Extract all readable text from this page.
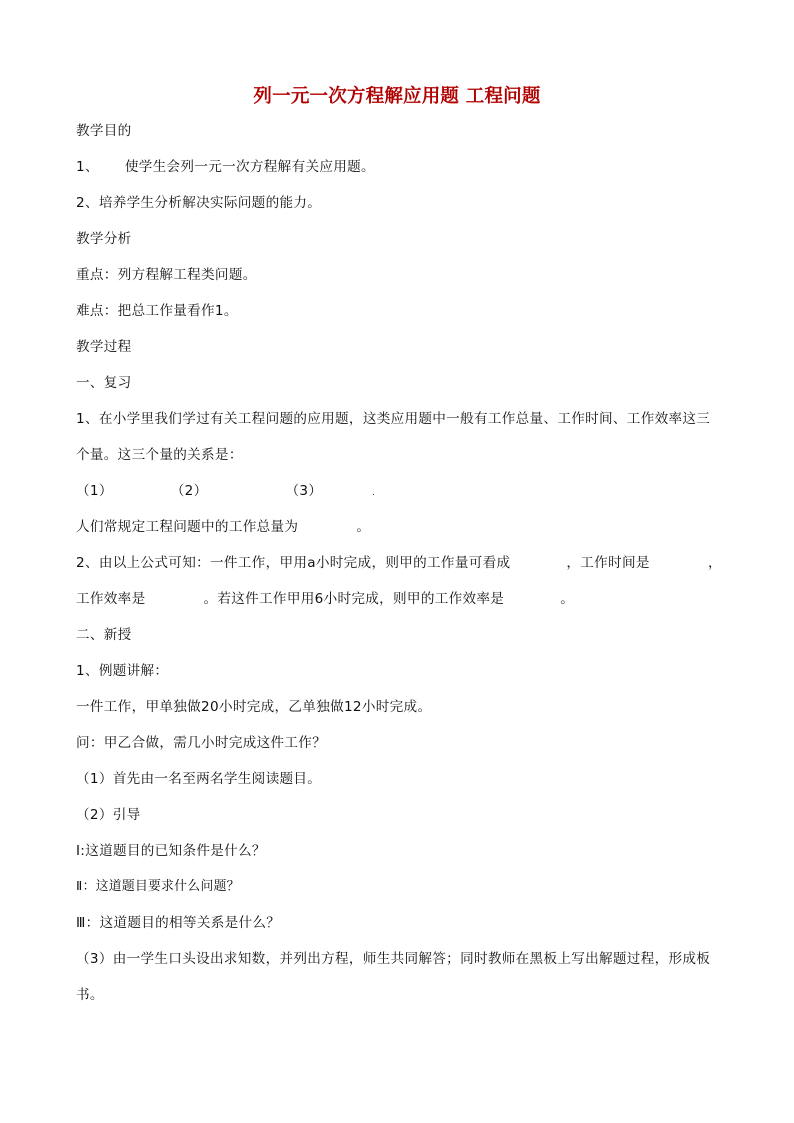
列一元一次方程解应用题 工程问题
教学目的
1、 使学生会列一元一次方程解有关应用题。
2、培养学生分析解决实际问题的能力。
教学分析
重点：列方程解工程类问题。
难点：把总工作量看作1。
教学过程
一、复习
1、在小学里我们学过有关工程问题的应用题，这类应用题中一般有工作总量、工作时间、工作效率这三
个量。这三个量的关系是：
（1）	（2）	（3）	.
人们常规定工程问题中的工作总量为	。
2、由以上公式可知：一件工作，甲用a小时完成，则甲的工作量可看成	，工作时间是	，
工作效率是	。若这件工作甲用6小时完成，则甲的工作效率是	。
二、新授
1、例题讲解：
一件工作，甲单独做20小时完成，乙单独做12小时完成。
问：甲乙合做，需几小时完成这件工作？
（1）首先由一名至两名学生阅读题目。
（2）引导
Ⅰ:这道题目的已知条件是什么？
Ⅱ：这道题目要求什么问题？
Ⅲ：这道题目的相等关系是什么？
（3）由一学生口头设出求知数，并列出方程，师生共同解答；同时教师在黑板上写出解题过程，形成板
书。
